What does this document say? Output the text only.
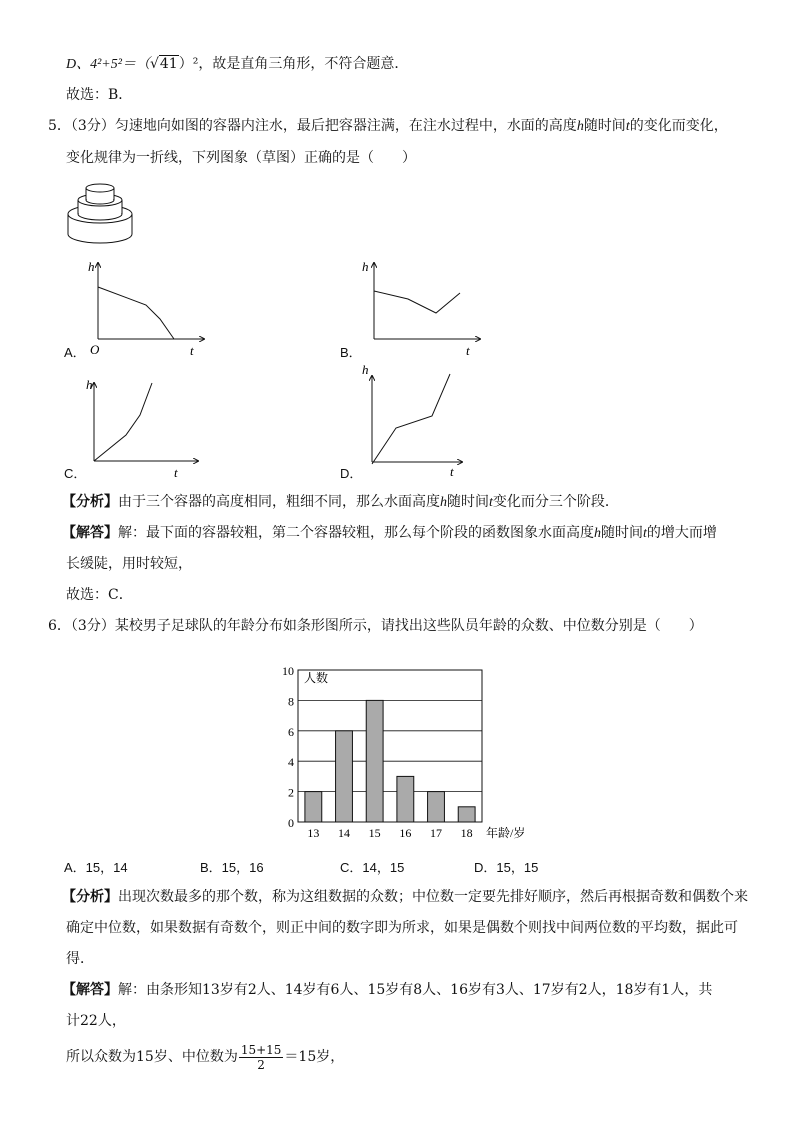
D、4²+5²＝（√41）²，故是直角三角形，不符合题意．
故选：B．
5．（3分）匀速地向如图的容器内注水，最后把容器注满，在注水过程中，水面的高度h随时间t的变化而变化，
变化规律为一折线，下列图象（草图）正确的是（　　）
A．
h
t
O	B．
h
t
C．
h
t	D．
h
t
【分析】由于三个容器的高度相同，粗细不同，那么水面高度h随时间t变化而分三个阶段．
【解答】解：最下面的容器较粗，第二个容器较粗，那么每个阶段的函数图象水面高度h随时间t的增大而增
长缓陡，用时较短，
故选：C．
6．（3分）某校男子足球队的年龄分布如条形图所示，请找出这些队员年龄的众数、中位数分别是（　　）
0
2
4
6
8
10
13 14 15 16 17 18
人数
年龄/岁
A．15，14	B．15，16	C．14，15	D．15，15
【分析】出现次数最多的那个数，称为这组数据的众数；中位数一定要先排好顺序，然后再根据奇数和偶数个来
确定中位数，如果数据有奇数个，则正中间的数字即为所求，如果是偶数个则找中间两位数的平均数，据此可
得．
【解答】解：由条形知13岁有2人、14岁有6人、15岁有8人、16岁有3人、17岁有2人，18岁有1人，共
计22人，
所以众数为15岁、中位数为 $\frac{15+15}{2} =15$岁，
